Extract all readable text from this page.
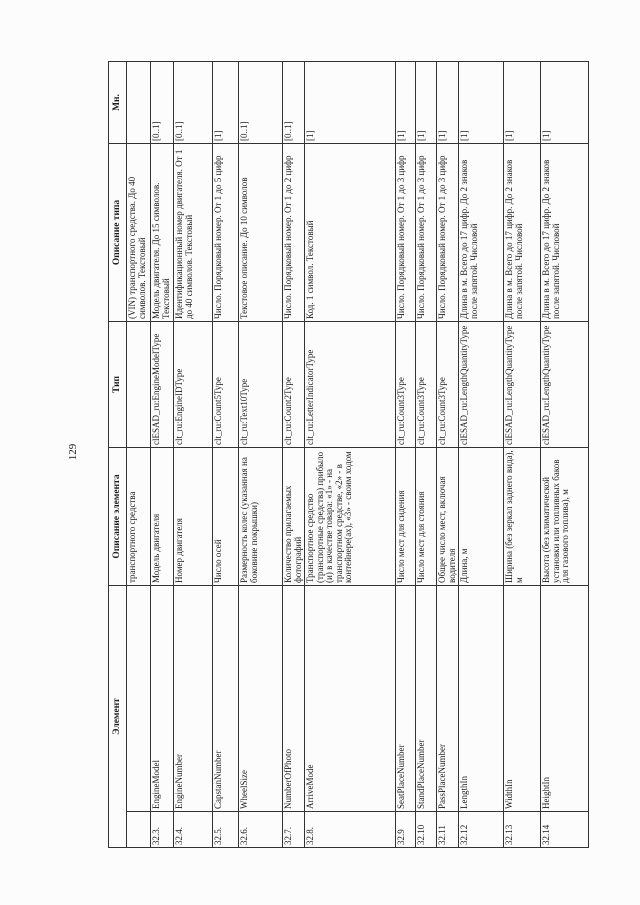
129
Элемент		Описание элемента	Тип	Описание типа	Мн.
		транспортного средства		(VIN) транспортного средства. До 40 символов. Текстовый	
32.3.	EngineModel	Модель двигателя	clESAD_ru:EngineModelType	Модель двигателя. До 15 символов. Текстовый	[0..1]
32.4.	EngineNumber	Номер двигателя	clt_ru:EngineIDType	Идентификационный номер двигателя. От 1 до 40 символов. Текстовый	[0..1]
32.5.	CapstanNumber	Число осей	clt_ru:Count5Type	Число. Порядковый номер. От 1 до 5 цифр	[1]
32.6.	WheelSize	Размерность колес (указанная на боковине покрышки)	clt_ru:Text10Type	Текстовое описание. До 10 символов	[0..1]
32.7.	NumberOfPhoto	Количество прилагаемых фотографий	clt_ru:Count2Type	Число. Порядковый номер. От 1 до 2 цифр	[0..1]
32.8.	ArriveMode	Транспортное средство (транспортные средства) прибыло (и) в качестве товара: «1» - на транспортном средстве, «2» - в контейнере(ах), «3» - своим ходом	clt_ru:LetterIndicatorType	Код. 1 символ. Текстовый	[1]
32.9	SeatPlaceNumber	Число мест для сидения	clt_ru:Count3Type	Число. Порядковый номер. От 1 до 3 цифр	[1]
32.10	StandPlaceNumber	Число мест для стояния	clt_ru:Count3Type	Число. Порядковый номер. От 1 до 3 цифр	[1]
32.11	PassPlaceNumber	Общее число мест, включая водителя	clt_ru:Count3Type	Число. Порядковый номер. От 1 до 3 цифр	[1]
32.12	LengthIn	Длина, м	clESAD_ru:LengthQuantityType	Длина в м. Всего до 17 цифр. До 2 знаков после запятой. Числовой	[1]
32.13	WidthIn	Ширина (без зеркал заднего вида), м	clESAD_ru:LengthQuantityType	Длина в м. Всего до 17 цифр. До 2 знаков после запятой. Числовой	[1]
32.14	HeightIn	Высота (без климатической установки или топливных баков для газового топлива), м	clESAD_ru:LengthQuantityType	Длина в м. Всего до 17 цифр. До 2 знаков после запятой. Числовой	[1]
